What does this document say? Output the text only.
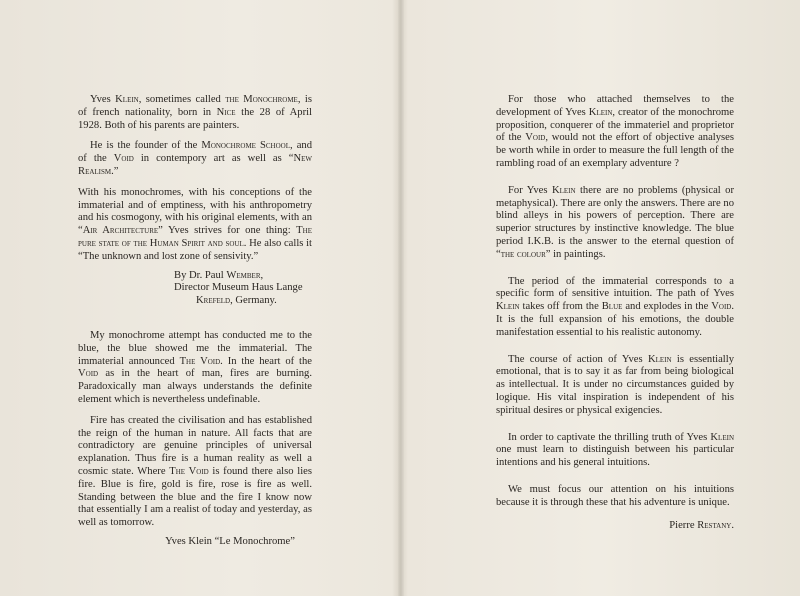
Yves Klein, sometimes called the Monochrome, is of french nationality, born in Nice the 28 of April 1928. Both of his parents are painters.

He is the founder of the Monochrome School, and of the Void in contempory art as well as “New Realism.”

With his monochromes, with his conceptions of the immaterial and of emptiness, with his anthropometry and his cosmogony, with his original elements, with an “Air Architecture” Yves strives for one thing: The pure state of the Human Spirit and soul. He also calls it “The unknown and lost zone of sensivity.”

By Dr. Paul Wember,
Director Museum Haus Lange
Krefeld, Germany.

My monochrome attempt has conducted me to the blue, the blue showed me the immaterial. The immaterial announced The Void. In the heart of the Void as in the heart of man, fires are burning. Paradoxically man always understands the definite element which is nevertheless undefinable.

Fire has created the civilisation and has established the reign of the human in nature. All facts that are contradictory are genuine principles of universal explanation. Thus fire is a human reality as well a cosmic state. Where The Void is found there also lies fire. Blue is fire, gold is fire, rose is fire as well. Standing between the blue and the fire I know now that essentially I am a realist of today and yesterday, as well as tomorrow.

Yves Klein “Le Monochrome”

For those who attached themselves to the development of Yves Klein, creator of the monochrome proposition, conquerer of the immateriel and proprietor of the Void, would not the effort of objective analyses be worth while in order to measure the full length of the rambling road of an exemplary adventure ?

For Yves Klein there are no problems (physical or metaphysical). There are only the answers. There are no blind alleys in his powers of perception. There are superior structures by instinctive knowledge. The blue period I.K.B. is the answer to the eternal question of “the colour” in paintings.

The period of the immaterial corresponds to a specific form of sensitive intuition. The path of Yves Klein takes off from the Blue and explodes in the Void. It is the full expansion of his emotions, the double manifestation essential to his realistic autonomy.

The course of action of Yves Klein is essentially emotional, that is to say it as far from being biological as intellectual. It is under no circumstances guided by logique. His vital inspiration is independent of his spiritual desires or physical exigencies.

In order to captivate the thrilling truth of Yves Klein one must learn to distinguish between his particular intentions and his general intuitions.

We must focus our attention on his intuitions because it is through these that his adventure is unique.

Pierre Restany.
